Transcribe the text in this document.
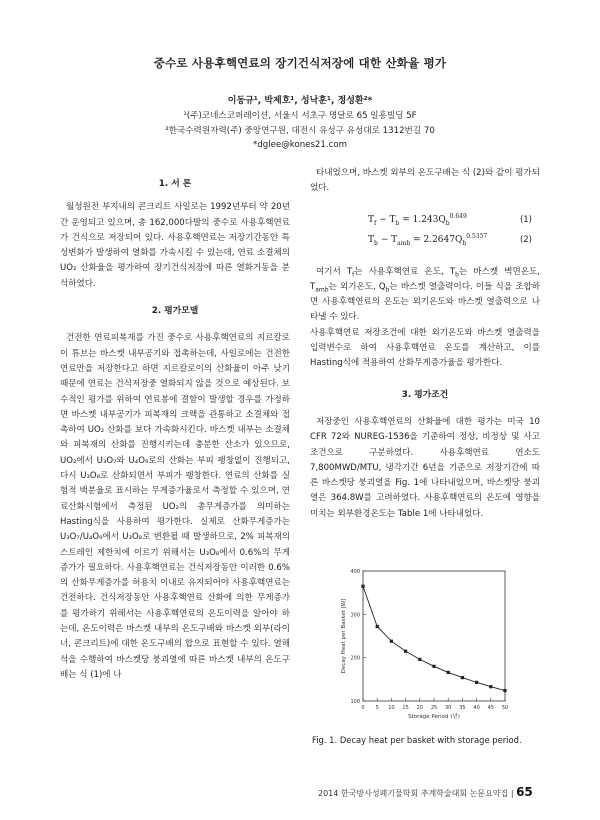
중수로 사용후핵연료의 장기건식저장에 대한 산화율 평가
이동규¹, 박제호¹, 성낙훈¹, 정성환²*
¹(주)코네스코퍼레이션, 서울시 서초구 명달로 65 일흥빌딩 5F
²한국수력원자력(주) 중앙연구원, 대전시 유성구 유성대로 1312번길 70
*dglee@kones21.com

1. 서 론

월성원전 부지내의 콘크리트 사일로는 1992년부터 약 20년간 운영되고 있으며, 총 162,000다발의 중수로 사용후핵연료가 건식으로 저장되어 있다. 사용후핵연료는 저장기간동안 특성변화가 발생하여 열화를 가속시킬 수 있는데, 연료 소결체의 UO₂ 산화율을 평가하여 장기건식저장에 따른 열화거동을 분석하였다.

2. 평가모델

건전한 연료피복재를 가진 중수로 사용후핵연료의 지르칼로이 튜브는 바스켓 내부공기와 접촉하는데, 사일로에는 건전한 연료만을 저장한다고 하면 지르칼로이의 산화율이 아주 낮기 때문에 연료는 건식저장중 열화되지 않을 것으로 예상된다. 보수적인 평가를 위하여 연료봉에 결함이 발생할 경우를 가정하면 바스켓 내부공기가 피복재의 크랙을 관통하고 소결체와 접촉하여 UO₂ 산화를 보다 가속화시킨다. 바스켓 내부는 소결체와 피복재의 산화를 진행시키는데 충분한 산소가 있으므로, UO₂에서 U₃O₇와 U₄O₉로의 산화는 부피 팽창없이 진행되고, 다시 U₃O₈로 산화되면서 부피가 팽창한다. 연료의 산화를 실험적 백분율로 표시하는 무게증가율로서 측정할 수 있으며, 연료산화시험에서 측정된 UO₂의 총무게증가를 의미하는 Hasting식을 사용하여 평가한다. 실제로 산화무게증가는 U₃O₇/U₄O₉에서 U₃O₈로 변환될 때 발생하므로, 2% 피복재의 스트레인 제한치에 이르기 위해서는 U₃O₈에서 0.6%의 무게증가가 필요하다. 사용후핵연료는 건식저장동안 이러한 0.6%의 산화무게증가를 허용치 이내로 유지되어야 사용후핵연료는 건전하다. 건식저장동안 사용후핵연료 산화에 의한 무게증가를 평가하기 위해서는 사용후핵연료의 온도이력을 알아야 하는데, 온도이력은 바스켓 내부의 온도구배와 바스켓 외부(라이너, 콘크리트)에 대한 온도구배의 합으로 표현할 수 있다. 열해석을 수행하여 바스켓당 붕괴열에 따른 바스켓 내부의 온도구배는 식 (1)에 나

타내었으며, 바스켓 외부의 온도구배는 식 (2)와 같이 평가되었다.

$T_f - T_b = 1.243Q_b^{0.649}$	(1)
$T_b - T_{amb} = 2.2647Q_b^{0.5357}$	(2)

여기서 $T_f$는 사용후핵연료 온도, $T_b$는 바스켓 벽면온도, $T_{amb}$는 외기온도, $Q_b$는 바스켓 열출력이다. 이들 식을 조합하면 사용후핵연료의 온도는 외기온도와 바스켓 열출력으로 나타낼 수 있다.

사용후핵연료 저장조건에 대한 외기온도와 바스켓 열출력을 입력변수로 하여 사용후핵연료 온도를 계산하고, 이를 Hasting식에 적용하여 산화무게증가율을 평가한다.

3. 평가조건

저장중인 사용후핵연료의 산화율에 대한 평가는 미국 10 CFR 72와 NUREG-1536을 기준하여 정상, 비정상 및 사고 조건으로 구분하였다. 사용후핵연료 연소도 7,800MWD/MTU, 냉각기간 6년을 기준으로 저장기간에 따른 바스켓당 붕괴열을 Fig. 1에 나타내었으며, 바스켓당 붕괴열은 364.8W를 고려하였다. 사용후핵연료의 온도에 영향을 미치는 외부환경온도는 Table 1에 나타내었다.

Storage Period (년)
Decay Heat per Basket [W]
0 5 10 15 20 25 30 35 40 45 50
100
200
300
400
Fig. 1. Decay heat per basket with storage period.
2014 한국방사성폐기물학회 추계학술대회 논문요약집 | 65
